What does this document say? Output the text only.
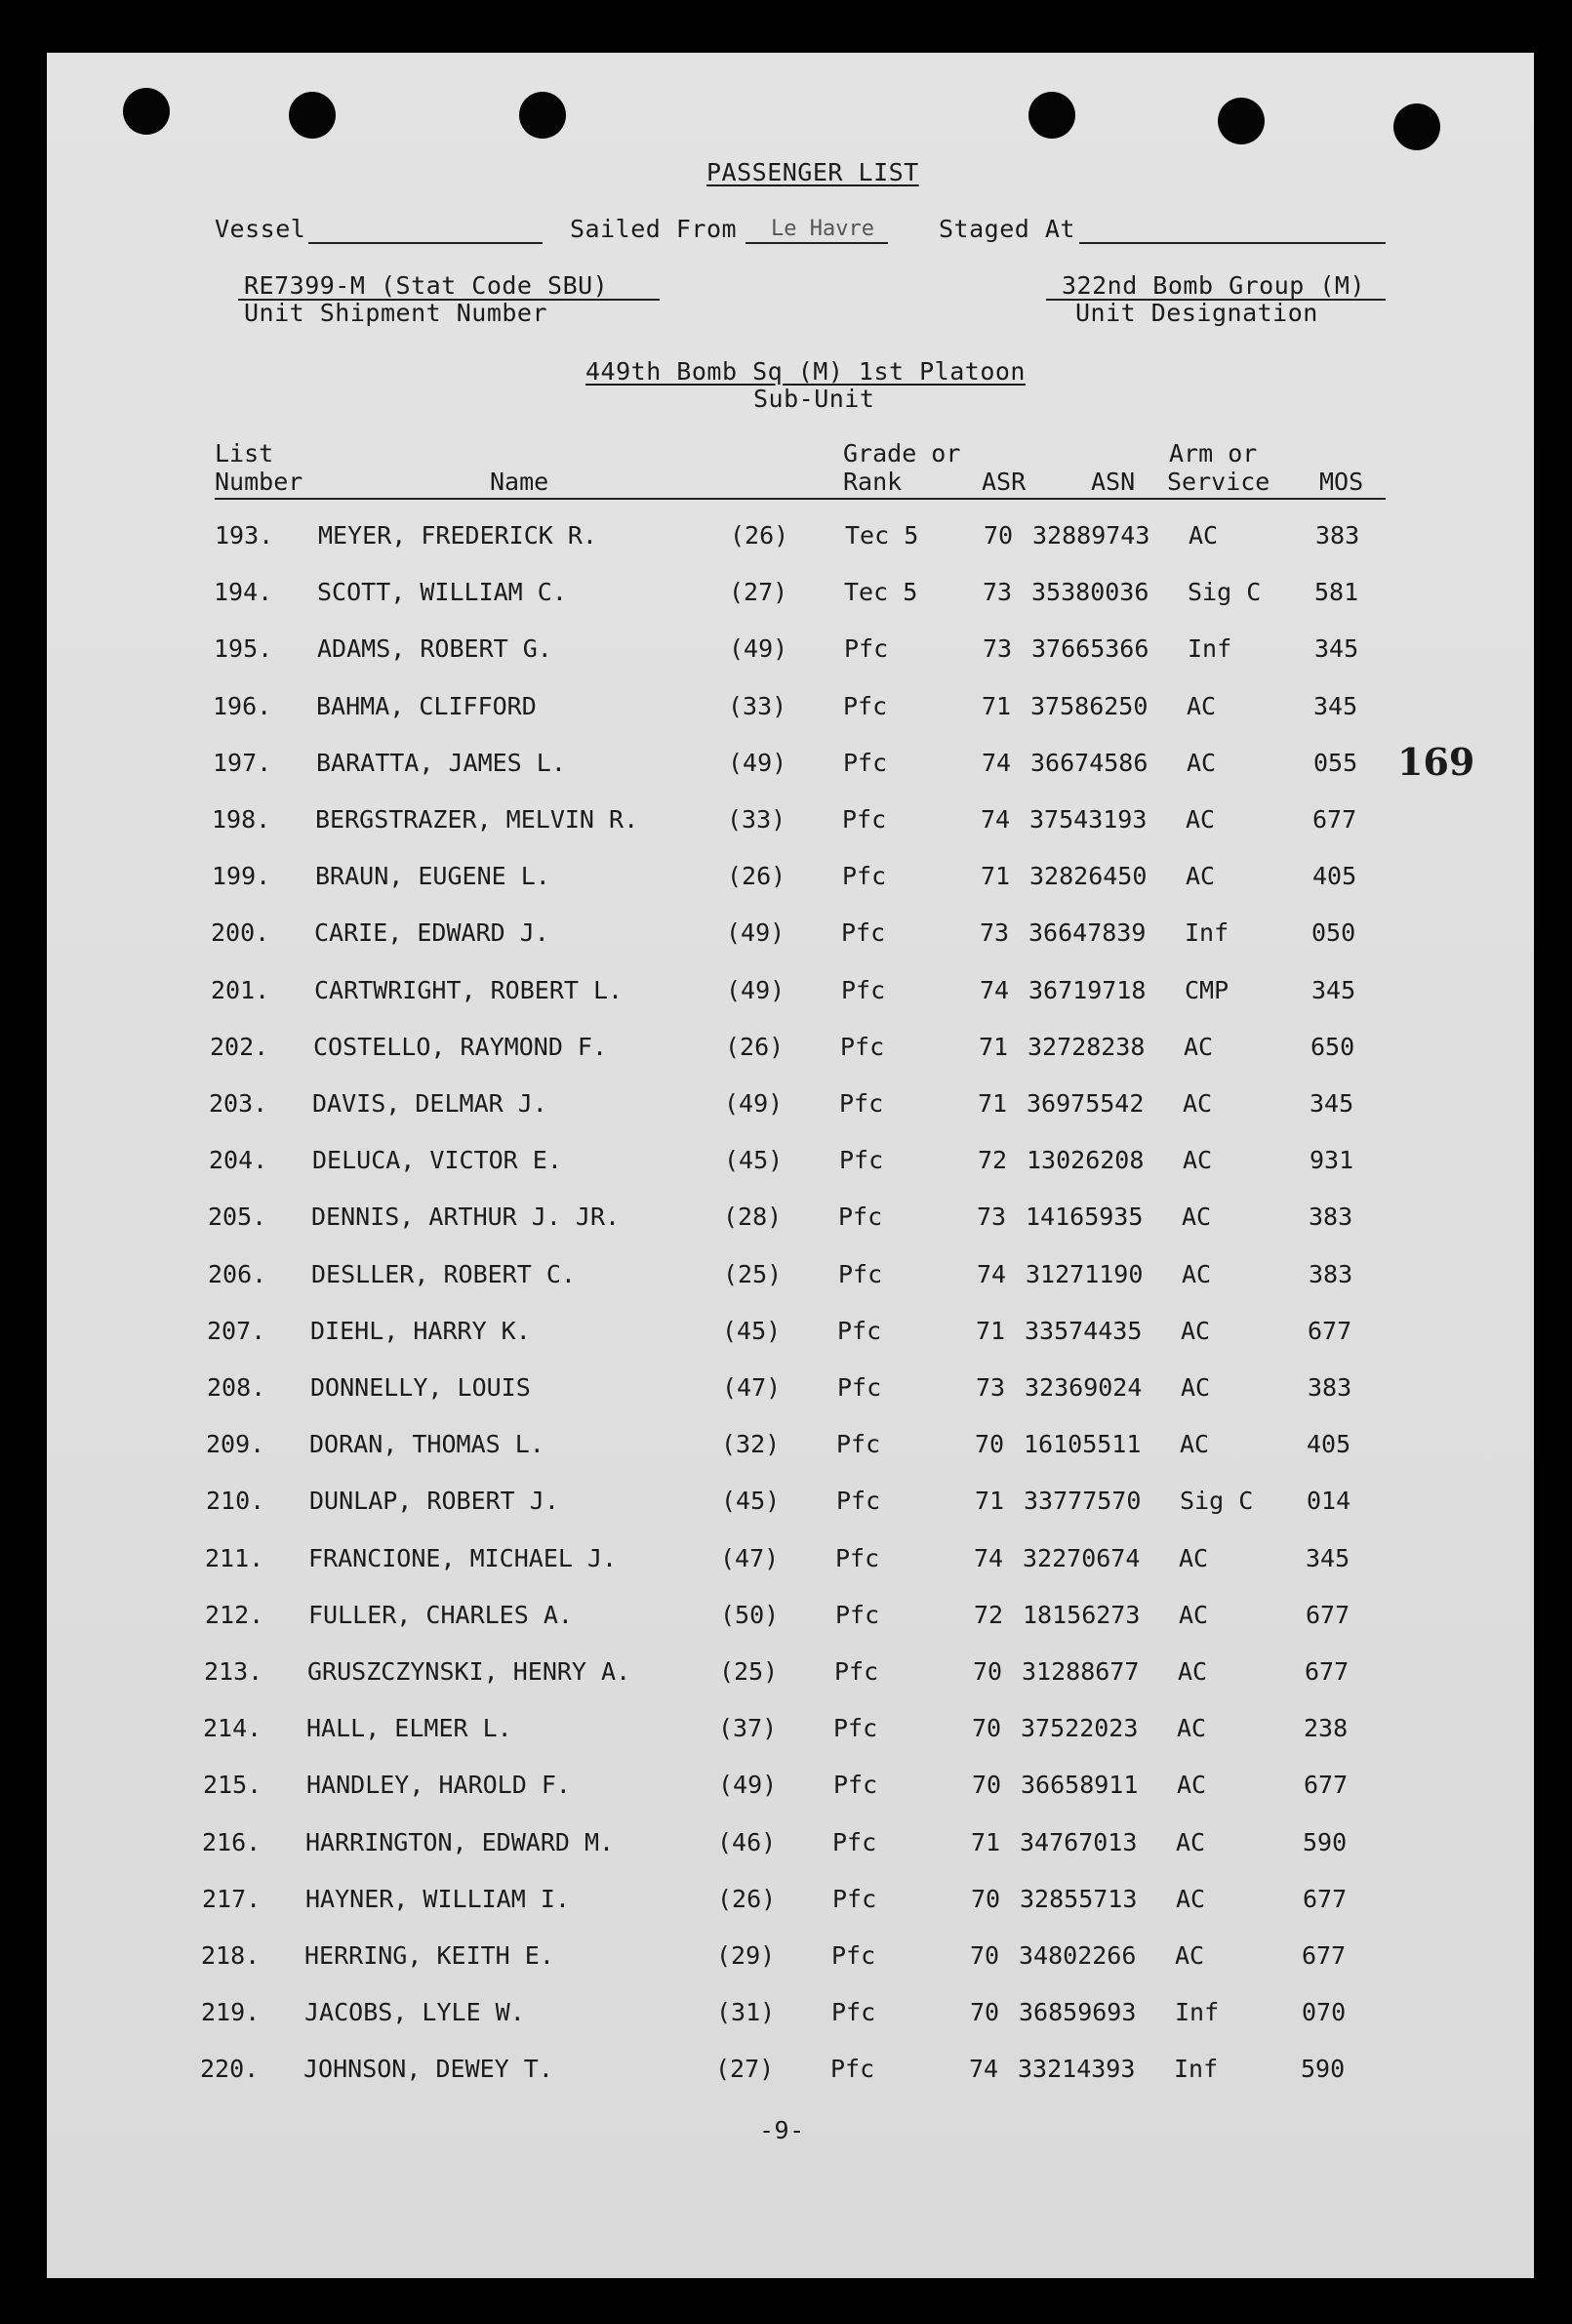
PASSENGER LIST
Vessel	Sailed From Le Havre	Staged At
RE7399-M (Stat Code SBU)
Unit Shipment Number
322nd Bomb Group (M)
Unit Designation
449th Bomb Sq (M) 1st Platoon
Sub-Unit
List
Number	Name
Grade or
Rank	ASR	ASN
Arm or
Service MOS
193. MEYER, FREDERICK R.	(26) Tec 5	70 32889743 AC	383
194. SCOTT, WILLIAM C.	(27) Tec 5	73 35380036 Sig C 581
195. ADAMS, ROBERT G.	(49) Pfc	73 37665366 Inf	345
196. BAHMA, CLIFFORD	(33) Pfc	71 37586250 AC	345
197. BARATTA, JAMES L.	(49) Pfc	74 36674586 AC	055
198. BERGSTRAZER, MELVIN R.	(33) Pfc	74 37543193 AC	677
199. BRAUN, EUGENE L.	(26) Pfc	71 32826450 AC	405
200. CARIE, EDWARD J.	(49) Pfc	73 36647839 Inf	050
201. CARTWRIGHT, ROBERT L.	(49) Pfc	74 36719718 CMP	345
202. COSTELLO, RAYMOND F.	(26) Pfc	71 32728238 AC	650
203. DAVIS, DELMAR J.	(49) Pfc	71 36975542 AC	345
204. DELUCA, VICTOR E.	(45) Pfc	72 13026208 AC	931
205. DENNIS, ARTHUR J. JR.	(28) Pfc	73 14165935 AC	383
206. DESLLER, ROBERT C.	(25) Pfc	74 31271190 AC	383
207. DIEHL, HARRY K.	(45) Pfc	71 33574435 AC	677
208. DONNELLY, LOUIS	(47) Pfc	73 32369024 AC	383
209. DORAN, THOMAS L.	(32) Pfc	70 16105511 AC	405
210. DUNLAP, ROBERT J.	(45) Pfc	71 33777570 Sig C 014
211. FRANCIONE, MICHAEL J.	(47) Pfc	74 32270674 AC	345
212. FULLER, CHARLES A.	(50) Pfc	72 18156273 AC	677
213. GRUSZCZYNSKI, HENRY A.	(25) Pfc	70 31288677 AC	677
214. HALL, ELMER L.	(37) Pfc	70 37522023 AC	238
215. HANDLEY, HAROLD F.	(49) Pfc	70 36658911 AC	677
216. HARRINGTON, EDWARD M.	(46) Pfc	71 34767013 AC	590
217. HAYNER, WILLIAM I.	(26) Pfc	70 32855713 AC	677
218. HERRING, KEITH E.	(29) Pfc	70 34802266 AC	677
219. JACOBS, LYLE W.	(31) Pfc	70 36859693 Inf	070
220. JOHNSON, DEWEY T.	(27) Pfc	74 33214393 Inf	590
169
-9-
